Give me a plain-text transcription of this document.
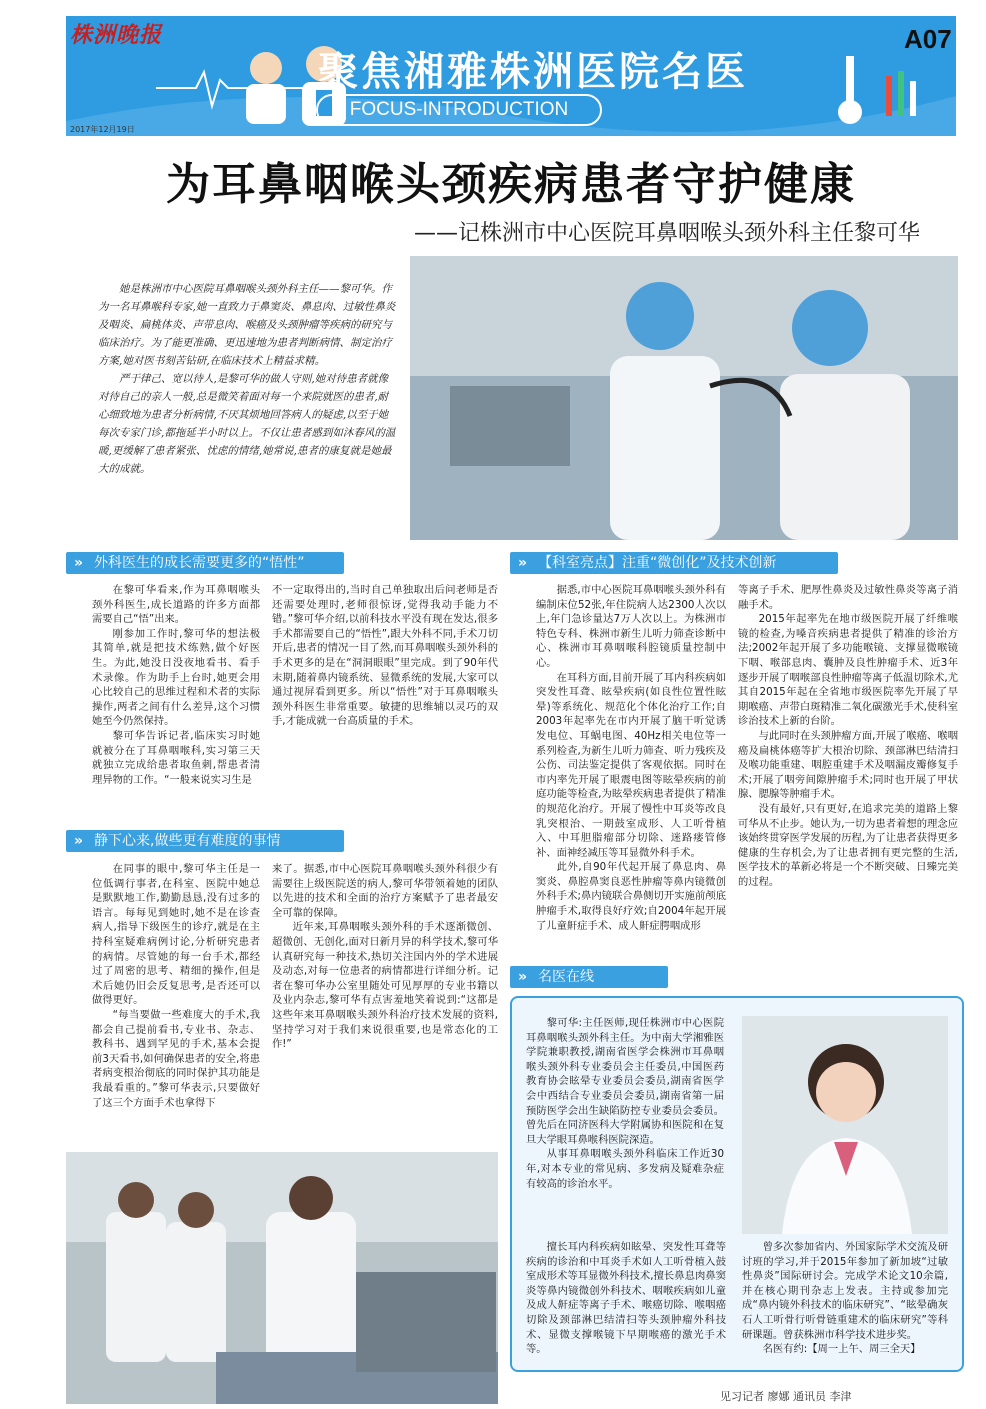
株洲晚报	A07
聚焦湘雅株洲医院名医
FOCUS-INTRODUCTION
2017年12月19日
为耳鼻咽喉头颈疾病患者守护健康
——记株洲市中心医院耳鼻咽喉头颈外科主任黎可华

她是株洲市中心医院耳鼻咽喉头颈外科主任——黎可华。作为一名耳鼻喉科专家,她一直致力于鼻窦炎、鼻息肉、过敏性鼻炎及咽炎、扁桃体炎、声带息肉、喉癌及头颈肿瘤等疾病的研究与临床治疗。为了能更准确、更迅速地为患者判断病情、制定治疗方案,她对医书刻苦钻研,在临床技术上精益求精。

严于律己、宽以待人,是黎可华的做人守则,她对待患者就像对待自己的亲人一般,总是微笑着面对每一个来院就医的患者,耐心细致地为患者分析病情,不厌其烦地回答病人的疑虑,以至于她每次专家门诊,都拖延半小时以上。不仅让患者感到如沐春风的温暖,更缓解了患者紧张、忧虑的情绪,她常说,患者的康复就是她最大的成就。

» 外科医生的成长需要更多的“悟性”

在黎可华看来,作为耳鼻咽喉头颈外科医生,成长道路的许多方面都需要自己“悟”出来。

刚参加工作时,黎可华的想法极其简单,就是把技术练熟,做个好医生。为此,她没日没夜地看书、看手术录像。作为助手上台时,她更会用心比较自己的思维过程和术者的实际操作,两者之间有什么差异,这个习惯她至今仍然保持。

黎可华告诉记者,临床实习时她就被分在了耳鼻咽喉科,实习第三天就独立完成给患者取鱼刺,帮患者清理异物的工作。“一般来说实习生是

不一定取得出的,当时自己单独取出后问老师是否还需要处理时,老师很惊讶,觉得我动手能力不错。”黎可华介绍,以前科技水平没有现在发达,很多手术都需要自己的“悟性”,跟大外科不同,手术刀切开后,患者的情况一目了然,而耳鼻咽喉头颈外科的手术更多的是在“洞洞眼眼”里完成。到了90年代末期,随着鼻内镜系统、显微系统的发展,大家可以通过视屏看到更多。所以“悟性”对于耳鼻咽喉头颈外科医生非常重要。敏捷的思维辅以灵巧的双手,才能成就一台高质量的手术。

» 静下心来,做些更有难度的事情

在同事的眼中,黎可华主任是一位低调行事者,在科室、医院中她总是默默地工作,勤勤恳恳,没有过多的语言。每每见到她时,她不是在诊查病人,指导下级医生的诊疗,就是在主持科室疑难病例讨论,分析研究患者的病情。尽管她的每一台手术,都经过了周密的思考、精细的操作,但是术后她仍旧会反复思考,是否还可以做得更好。

“每当要做一些难度大的手术,我都会自己提前看书,专业书、杂志、教科书、遇到罕见的手术,基本会提前3天看书,如何确保患者的安全,将患者病变根治彻底的同时保护其功能是我最看重的。”黎可华表示,只要做好了这三个方面手术也拿得下

来了。据悉,市中心医院耳鼻咽喉头颈外科很少有需要往上级医院送的病人,黎可华带领着她的团队以先进的技术和全面的治疗方案赋予了患者最安全可靠的保障。

近年来,耳鼻咽喉头颈外科的手术逐渐微创、超微创、无创化,面对日新月异的科学技术,黎可华认真研究每一种技术,热切关注国内外的学术进展及动态,对每一位患者的病情都进行详细分析。记者在黎可华办公室里随处可见厚厚的专业书籍以及业内杂志,黎可华有点害羞地笑着说到:“这都是这些年来耳鼻咽喉头颈外科治疗技术发展的资料,坚持学习对于我们来说很重要,也是常态化的工作!”

» 【科室亮点】注重“微创化”及技术创新

据悉,市中心医院耳鼻咽喉头颈外科有编制床位52张,年住院病人达2300人次以上,年门急诊量达7万人次以上。为株洲市特色专科、株洲市新生儿听力筛查诊断中心、株洲市耳鼻咽喉科腔镜质量控制中心。

在耳科方面,目前开展了耳内科疾病如突发性耳聋、眩晕疾病(如良性位置性眩晕)等系统化、规范化个体化治疗工作;自2003年起率先在市内开展了脑干听觉诱发电位、耳蜗电图、40Hz相关电位等一系列检查,为新生儿听力筛查、听力残疾及公伤、司法鉴定提供了客观依据。同时在市内率先开展了眼震电图等眩晕疾病的前庭功能等检查,为眩晕疾病患者提供了精准的规范化治疗。开展了慢性中耳炎等改良乳突根治、一期鼓室成形、人工听骨植入、中耳胆脂瘤部分切除、迷路瘘管修补、面神经减压等耳显微外科手术。

此外,自90年代起开展了鼻息肉、鼻窦炎、鼻腔鼻窦良恶性肿瘤等鼻内镜微创外科手术;鼻内镜联合鼻侧切开实施前颅底肿瘤手术,取得良好疗效;自2004年起开展了儿童鼾症手术、成人鼾症腭咽成形

等离子手术、肥厚性鼻炎及过敏性鼻炎等离子消融手术。

2015年起率先在地市级医院开展了纤维喉镜的检查,为嗓音疾病患者提供了精准的诊治方法;2002年起开展了多功能喉镜、支撑显微喉镜下咽、喉部息肉、囊肿及良性肿瘤手术、近3年逐步开展了咽喉部良性肿瘤等离子低温切除术,尤其自2015年起在全省地市级医院率先开展了早期喉癌、声带白斑精准二氧化碳激光手术,使科室诊治技术上新的台阶。

与此同时在头颈肿瘤方面,开展了喉癌、喉咽癌及扁桃体癌等扩大根治切除、颈部淋巴结清扫及喉功能重建、咽腔重建手术及咽漏皮瓣修复手术;开展了咽旁间隙肿瘤手术;同时也开展了甲状腺、腮腺等肿瘤手术。

没有最好,只有更好,在追求完美的道路上黎可华从不止步。她认为,一切为患者着想的理念应该始终贯穿医学发展的历程,为了让患者获得更多健康的生存机会,为了让患者拥有更完整的生活,医学技术的革新必将是一个不断突破、日臻完美的过程。

» 名医在线

黎可华:主任医师,现任株洲市中心医院耳鼻咽喉头颈外科主任。为中南大学湘雅医学院兼职教授,湖南省医学会株洲市耳鼻咽喉头颈外科专业委员会主任委员,中国医药教育协会眩晕专业委员会委员,湖南省医学会中西结合专业委员会委员,湖南省第一届预防医学会出生缺陷防控专业委员会委员。曾先后在同济医科大学附属协和医院和在复旦大学眼耳鼻喉科医院深造。

从事耳鼻咽喉头颈外科临床工作近30年,对本专业的常见病、多发病及疑难杂症有较高的诊治水平。

擅长耳内科疾病如眩晕、突发性耳聋等疾病的诊治和中耳炎手术如人工听骨植入鼓室成形术等耳显微外科技术,擅长鼻息肉鼻窦炎等鼻内镜微创外科技术、咽喉疾病如儿童及成人鼾症等离子手术、喉癌切除、喉咽癌切除及颈部淋巴结清扫等头颈肿瘤外科技术、显微支撑喉镜下早期喉癌的激光手术等。

曾多次参加省内、外国家际学术交流及研讨班的学习,并于2015年参加了新加坡“过敏性鼻炎”国际研讨会。完成学术论文10余篇,并在核心期刊杂志上发表。主持或参加完成“鼻内镜外科技术的临床研究”、“眩晕确灰石人工听骨行听骨链重建术的临床研究”等科研课题。曾获株洲市科学技术进步奖。

名医有约:【周一上午、周三全天】

见习记者 廖娜 通讯员 李津
